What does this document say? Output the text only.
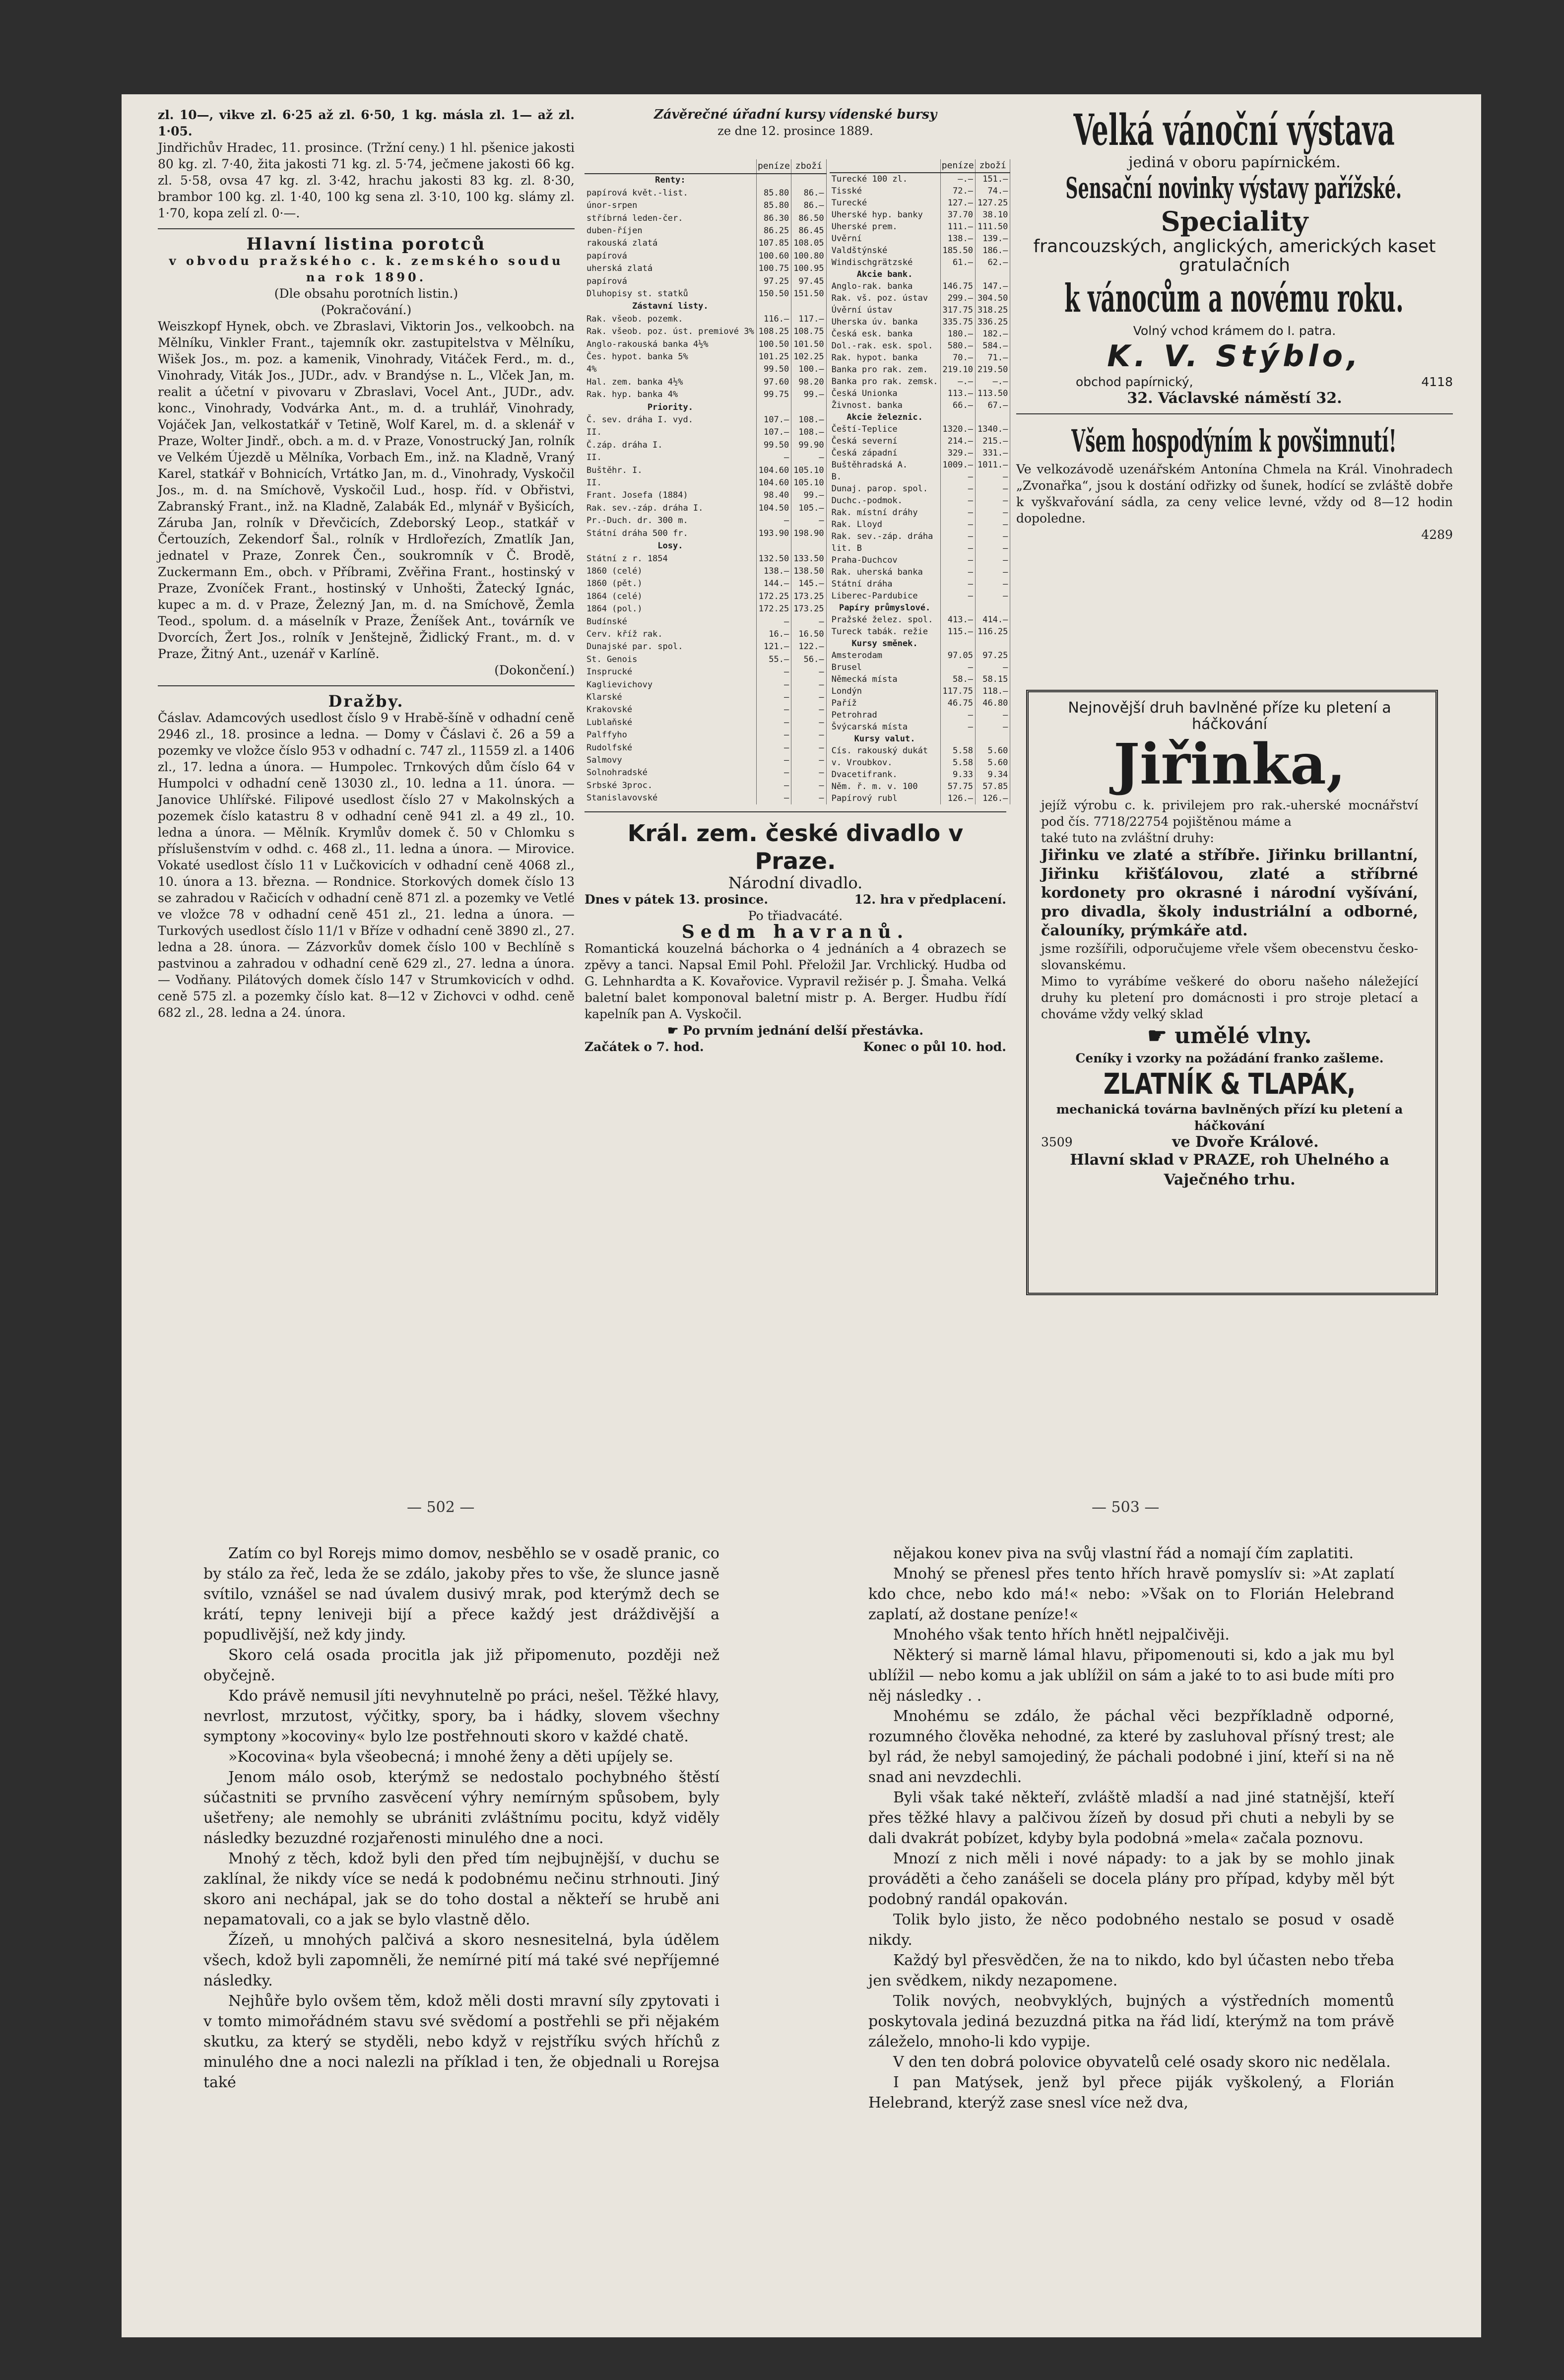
zl. 10—, vikve zl. 6·25 až zl. 6·50, 1 kg. másla zl. 1— až zl. 1·05.

Jindřichův Hradec, 11. prosince. (Tržní ceny.) 1 hl. pšenice jakosti 80 kg. zl. 7·40, žita jakosti 71 kg. zl. 5·74, ječmene jakosti 66 kg. zl. 5·58, ovsa 47 kg. zl. 3·42, hrachu jakosti 83 kg. zl. 8·30, brambor 100 kg. zl. 1·40, 100 kg sena zl. 3·10, 100 kg. slámy zl. 1·70, kopa zelí zl. 0·—.

Hlavní listina porotců
v obvodu pražského c. k. zemského soudu na rok 1890.
(Dle obsahu porotních listin.)
(Pokračování.)

Weiszkopf Hynek, obch. ve Zbraslavi, Viktorin Jos., velkoobch. na Mělníku, Vinkler Frant., tajemník okr. zastupitelstva v Mělníku, Wišek Jos., m. poz. a kamenik, Vinohrady, Vitáček Ferd., m. d., Vinohrady, Viták Jos., JUDr., adv. v Brandýse n. L., Vlček Jan, m. realit a účetní v pivovaru v Zbraslavi, Vocel Ant., JUDr., adv. konc., Vinohrady, Vodvárka Ant., m. d. a truhlář, Vinohrady, Vojáček Jan, velkostatkář v Tetině, Wolf Karel, m. d. a sklenář v Praze, Wolter Jindř., obch. a m. d. v Praze, Vonostrucký Jan, rolník ve Velkém Újezdě u Mělníka, Vorbach Em., inž. na Kladně, Vraný Karel, statkář v Bohnicích, Vrtátko Jan, m. d., Vinohrady, Vyskočil Jos., m. d. na Smíchově, Vyskočil Lud., hosp. říd. v Obřistvi, Zabranský Frant., inž. na Kladně, Zalabák Ed., mlynář v Byšicích, Záruba Jan, rolník v Dřevčicích, Zdeborský Leop., statkář v Čertouzích, Zekendorf Šal., rolník v Hrdlořezích, Zmatlík Jan, jednatel v Praze, Zonrek Čen., soukromník v Č. Brodě, Zuckermann Em., obch. v Příbrami, Zvěřina Frant., hostinský v Praze, Zvoníček Frant., hostinský v Unhošti, Žatecký Ignác, kupec a m. d. v Praze, Železný Jan, m. d. na Smíchově, Žemla Teod., spolum. d. a máselník v Praze, Ženíšek Ant., továrník ve Dvorcích, Žert Jos., rolník v Jenštejně, Židlický Frant., m. d. v Praze, Žitný Ant., uzenář v Karlíně.

(Dokončení.)
Dražby.

Čáslav. Adamcových usedlost číslo 9 v Hrabě-šíně v odhadní ceně 2946 zl., 18. prosince a ledna. — Domy v Čáslavi č. 26 a 59 a pozemky ve vložce číslo 953 v odhadní c. 747 zl., 11559 zl. a 1406 zl., 17. ledna a února. — Humpolec. Trnkových dům číslo 64 v Humpolci v odhadní ceně 13030 zl., 10. ledna a 11. února. — Janovice Uhlířské. Filipové usedlost číslo 27 v Makolnských a pozemek číslo katastru 8 v odhadní ceně 941 zl. a 49 zl., 10. ledna a února. — Mělník. Krymlův domek č. 50 v Chlomku s příslušenstvím v odhd. c. 468 zl., 11. ledna a února. — Mirovice. Vokaté usedlost číslo 11 v Lučkovicích v odhadní ceně 4068 zl., 10. února a 13. března. — Rondnice. Storkových domek číslo 13 se zahradou v Račicích v odhadní ceně 871 zl. a pozemky ve Vetlé ve vložce 78 v odhadní ceně 451 zl., 21. ledna a února. — Turkových usedlost číslo 11/1 v Bříze v odhadní ceně 3890 zl., 27. ledna a 28. února. — Zázvorkův domek číslo 100 v Bechlíně s pastvinou a zahradou v odhadní ceně 629 zl., 27. ledna a února. — Vodňany. Pilátových domek číslo 147 v Strumkovicích v odhd. ceně 575 zl. a pozemky číslo kat. 8—12 v Zichovci v odhd. ceně 682 zl., 28. ledna a 24. února.

Závěrečné úřadní kursy vídenské bursy
ze dne 12. prosince 1889.
	peníze	zboží
Renty:		
papírová květ.-list.	85.80	86.—
únor-srpen	85.80	86.—
stříbrná leden-čer.	86.30	86.50
duben-říjen	86.25	86.45
rakouská zlatá	107.85	108.05
papírová	100.60	100.80
uherská zlatá	100.75	100.95
papírová	97.25	97.45
Dluhopisy st. statků	150.50	151.50
Zástavní listy.		
Rak. všeob. pozemk.	116.—	117.—
Rak. všeob. poz. úst. premiové 3%	108.25	108.75
Anglo-rakouská banka 4½%	100.50	101.50
Čes. hypot. banka 5%	101.25	102.25
4%	99.50	100.—
Hal. zem. banka 4½%	97.60	98.20
Rak. hyp. banka 4%	99.75	99.—
Priority.		
Č. sev. dráha I. vyd.	107.—	108.—
II.	107.—	108.—
Č.záp. dráha I.	99.50	99.90
II.	—	—
Buštěhr. I.	104.60	105.10
II.	104.60	105.10
Frant. Josefa (1884)	98.40	99.—
Rak. sev.-záp. dráha I.	104.50	105.—
Pr.-Duch. dr. 300 m.	—	—
Státní dráha 500 fr.	193.90	198.90
Losy.		
Státní z r. 1854	132.50	133.50
1860 (celé)	138.—	138.50
1860 (pět.)	144.—	145.—
1864 (celé)	172.25	173.25
1864 (pol.)	172.25	173.25
Budínské	—	—
Cerv. kříž rak.	16.—	16.50
Dunajské par. spol.	121.—	122.—
St. Genois	55.—	56.—
Insprucké	—	—
Kaglievichovy	—	—
Klarské	—	—
Krakovské	—	—
Lublaňské	—	—
Palffyho	—	—
Rudolfské	—	—
Salmovy	—	—
Solnohradské	—	—
Srbské 3proc.	—	—
Stanislavovské	—	—
	peníze	zboží
Turecké 100 zl.	—.—	151.—
Tisské	72.—	74.—
Turecké	127.—	127.25
Uherské hyp. banky	37.70	38.10
Uherské prem.	111.—	111.50
Uvěrní	138.—	139.—
Valdštýnské	185.50	186.—
Windischgrätzské	61.—	62.—
Akcie bank.		
Anglo-rak. banka	146.75	147.—
Rak. vš. poz. ústav	299.—	304.50
Úvěrní ústav	317.75	318.25
Uherska úv. banka	335.75	336.25
Česká esk. banka	180.—	182.—
Dol.-rak. esk. spol.	580.—	584.—
Rak. hypot. banka	70.—	71.—
Banka pro rak. zem.	219.10	219.50
Banka pro rak. zemsk.	—.—	—.—
Česká Unionka	113.—	113.50
Živnost. banka	66.—	67.—
Akcie železnic.		
Čeští-Teplice	1320.—	1340.—
Česká severní	214.—	215.—
Česká západní	329.—	331.—
Buštěhradská A.	1009.—	1011.—
B.	—	—
Dunaj. parop. spol.	—	—
Duchc.-podmok.	—	—
Rak. místní dráhy	—	—
Rak. Lloyd	—	—
Rak. sev.-záp. dráha	—	—
lit. B	—	—
Praha-Duchcov	—	—
Rak. uherská banka	—	—
Státní dráha	—	—
Liberec-Pardubice	—	—
Papíry průmyslové.		
Pražské želez. spol.	413.—	414.—
Tureck tabák. režie	115.—	116.25
Kursy směnek.		
Amsterodam	97.05	97.25
Brusel	—	—
Německá místa	58.—	58.15
Londýn	117.75	118.—
Paříž	46.75	46.80
Petrohrad	—	—
Švýcarská místa	—	—
Kursy valut.		
Cís. rakouský dukát	5.58	5.60
v. Vroubkov.	5.58	5.60
Dvacetifrank.	9.33	9.34
Něm. ř. m. v. 100	57.75	57.85
Papírový rubl	126.—	126.—
Král. zem. české divadlo v Praze.
Národní divadlo.
Dnes v pátek 13. prosince.	12. hra v předplacení.
Po třiadvacáté.
Sedm havranů.

Romantická kouzelná báchorka o 4 jednáních a 4 obrazech se zpěvy a tanci. Napsal Emil Pohl. Přeložil Jar. Vrchlický. Hudba od G. Lehnhardta a K. Kovařovice. Vypravil režisér p. J. Šmaha. Velká baletní balet komponoval baletní mistr p. A. Berger. Hudbu řídí kapelník pan A. Vyskočil.

☛ Po prvním jednání delší přestávka.
Začátek o 7. hod.	Konec o půl 10. hod.
Velká vánoční výstava
jediná v oboru papírnickém.
Sensační novinky výstavy pařížské.
Speciality
francouzských, anglických, amerických kaset gratulačních
k vánocům a novému roku.
Volný vchod krámem do I. patra.
K. V. Stýblo,
obchod papírnický,	4118
32. Václavské náměstí 32.
Všem hospodýním k povšimnutí!

Ve velkozávodě uzenářském Antonína Chmela na Král. Vinohradech „Zvonařka“, jsou k dostání odřizky od šunek, hodící se zvláště dobře k vyškvařování sádla, za ceny velice levné, vždy od 8—12 hodin dopoledne.

4289
Nejnovější druh bavlněné příze ku pletení a háčkování
Jiřinka,

jejíž výrobu c. k. privilejem pro rak.-uherské mocnářství pod čís. 7718/22754 pojištěnou máme a

také tuto na zvláštní druhy:

Jiřinku ve zlaté a stříbře. Jiřinku brillantní, Jiřinku křišťálovou, zlaté a stříbrné kordonety pro okrasné i národní vyšívání, pro divadla, školy industriální a odborné, čalouníky, prýmkáře atd.

jsme rozšířili, odporučujeme vřele všem obecenstvu česko-slovanskému.

Mimo to vyrábíme veškeré do oboru našeho náležející druhy ku pletení pro domácnosti i pro stroje pletací a chováme vždy velký sklad

☛ umělé vlny.
Ceníky i vzorky na požádání franko zašleme.
ZLATNÍK & TLAPÁK,
mechanická továrna bavlněných přízí ku pletení a háčkování
3509	ve Dvoře Králové.
Hlavní sklad v PRAZE, roh Uhelného a Vaječného trhu.
— 502 —	— 503 —

Zatím co byl Rorejs mimo domov, nesběhlo se v osadě pranic, co by stálo za řeč, leda že se zdálo, jakoby přes to vše, že slunce jasně svítilo, vznášel se nad úvalem dusivý mrak, pod kterýmž dech se krátí, tepny leniveji bijí a přece každý jest dráždivější a popudlivější, než kdy jindy.

Skoro celá osada procitla jak již připomenuto, později než obyčejně.

Kdo právě nemusil jíti nevyhnutelně po práci, nešel. Těžké hlavy, nevrlost, mrzutost, výčitky, spory, ba i hádky, slovem všechny symptony »kocoviny« bylo lze postřehnouti skoro v každé chatě.

»Kocovina« byla všeobecná; i mnohé ženy a děti upíjely se.

Jenom málo osob, kterýmž se nedostalo pochybného štěstí súčastniti se prvního zasvěcení výhry nemírným spůsobem, byly ušetřeny; ale nemohly se ubrániti zvláštnímu pocitu, když viděly následky bezuzdné rozjařenosti minulého dne a noci.

Mnohý z těch, kdož byli den před tím nejbujnější, v duchu se zaklínal, že nikdy více se nedá k podobnému nečinu strhnouti. Jiný skoro ani nechápal, jak se do toho dostal a někteří se hrubě ani nepamatovali, co a jak se bylo vlastně dělo.

Žízeň, u mnohých palčivá a skoro nesnesitelná, byla údělem všech, kdož byli zapomněli, že nemírné pití má také své nepříjemné následky.

Nejhůře bylo ovšem těm, kdož měli dosti mravní síly zpytovati i v tomto mimořádném stavu své svědomí a postřehli se při nějakém skutku, za který se styděli, nebo když v rejstříku svých hříchů z minulého dne a noci nalezli na příklad i ten, že objednali u Rorejsa také

nějakou konev piva na svůj vlastní řád a nomají čím zaplatiti.

Mnohý se přenesl přes tento hřích hravě pomyslív si: »At zaplatí kdo chce, nebo kdo má!« nebo: »Však on to Florián Helebrand zaplatí, až dostane peníze!«

Mnohého však tento hřích hnětl nejpalčivěji.

Některý si marně lámal hlavu, připomenouti si, kdo a jak mu byl ublížil — nebo komu a jak ublížil on sám a jaké to to asi bude míti pro něj následky . .

Mnohému se zdálo, že páchal věci bezpříkladně odporné, rozumného člověka nehodné, za které by zasluhoval přísný trest; ale byl rád, že nebyl samojediný, že páchali podobné i jiní, kteří si na ně snad ani nevzdechli.

Byli však také někteří, zvláště mladší a nad jiné statnější, kteří přes těžké hlavy a palčivou žízeň by dosud při chuti a nebyli by se dali dvakrát pobízet, kdyby byla podobná »mela« začala poznovu.

Mnozí z nich měli i nové nápady: to a jak by se mohlo jinak prováděti a čeho zanášeli se docela plány pro případ, kdyby měl být podobný randál opakován.

Tolik bylo jisto, že něco podobného nestalo se posud v osadě nikdy.

Každý byl přesvědčen, že na to nikdo, kdo byl účasten nebo třeba jen svědkem, nikdy nezapomene.

Tolik nových, neobvyklých, bujných a výstředních momentů poskytovala jediná bezuzdná pitka na řád lidí, kterýmž na tom právě záleželo, mnoho-li kdo vypije.

V den ten dobrá polovice obyvatelů celé osady skoro nic nedělala.

I pan Matýsek, jenž byl přece piják vyškolený, a Florián Helebrand, kterýž zase snesl více než dva,
